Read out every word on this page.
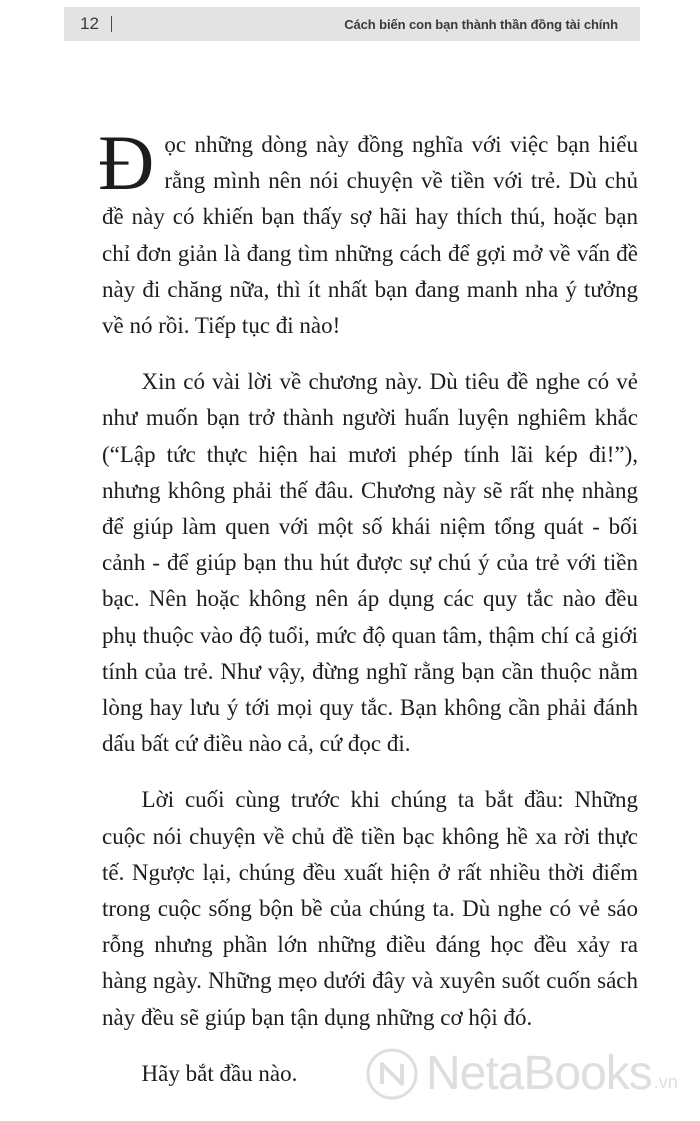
12	Cách biến con bạn thành thần đồng tài chính

Đọc những dòng này đồng nghĩa với việc bạn hiểu rằng mình nên nói chuyện về tiền với trẻ. Dù chủ đề này có khiến bạn thấy sợ hãi hay thích thú, hoặc bạn chỉ đơn giản là đang tìm những cách để gợi mở về vấn đề này đi chăng nữa, thì ít nhất bạn đang manh nha ý tưởng về nó rồi. Tiếp tục đi nào!

Xin có vài lời về chương này. Dù tiêu đề nghe có vẻ như muốn bạn trở thành người huấn luyện nghiêm khắc (“Lập tức thực hiện hai mươi phép tính lãi kép đi!”), nhưng không phải thế đâu. Chương này sẽ rất nhẹ nhàng để giúp làm quen với một số khái niệm tổng quát - bối cảnh - để giúp bạn thu hút được sự chú ý của trẻ với tiền bạc. Nên hoặc không nên áp dụng các quy tắc nào đều phụ thuộc vào độ tuổi, mức độ quan tâm, thậm chí cả giới tính của trẻ. Như vậy, đừng nghĩ rằng bạn cần thuộc nằm lòng hay lưu ý tới mọi quy tắc. Bạn không cần phải đánh dấu bất cứ điều nào cả, cứ đọc đi.

Lời cuối cùng trước khi chúng ta bắt đầu: Những cuộc nói chuyện về chủ đề tiền bạc không hề xa rời thực tế. Ngược lại, chúng đều xuất hiện ở rất nhiều thời điểm trong cuộc sống bộn bề của chúng ta. Dù nghe có vẻ sáo rỗng nhưng phần lớn những điều đáng học đều xảy ra hàng ngày. Những mẹo dưới đây và xuyên suốt cuốn sách này đều sẽ giúp bạn tận dụng những cơ hội đó.

Hãy bắt đầu nào.	NetaBooks .vn
